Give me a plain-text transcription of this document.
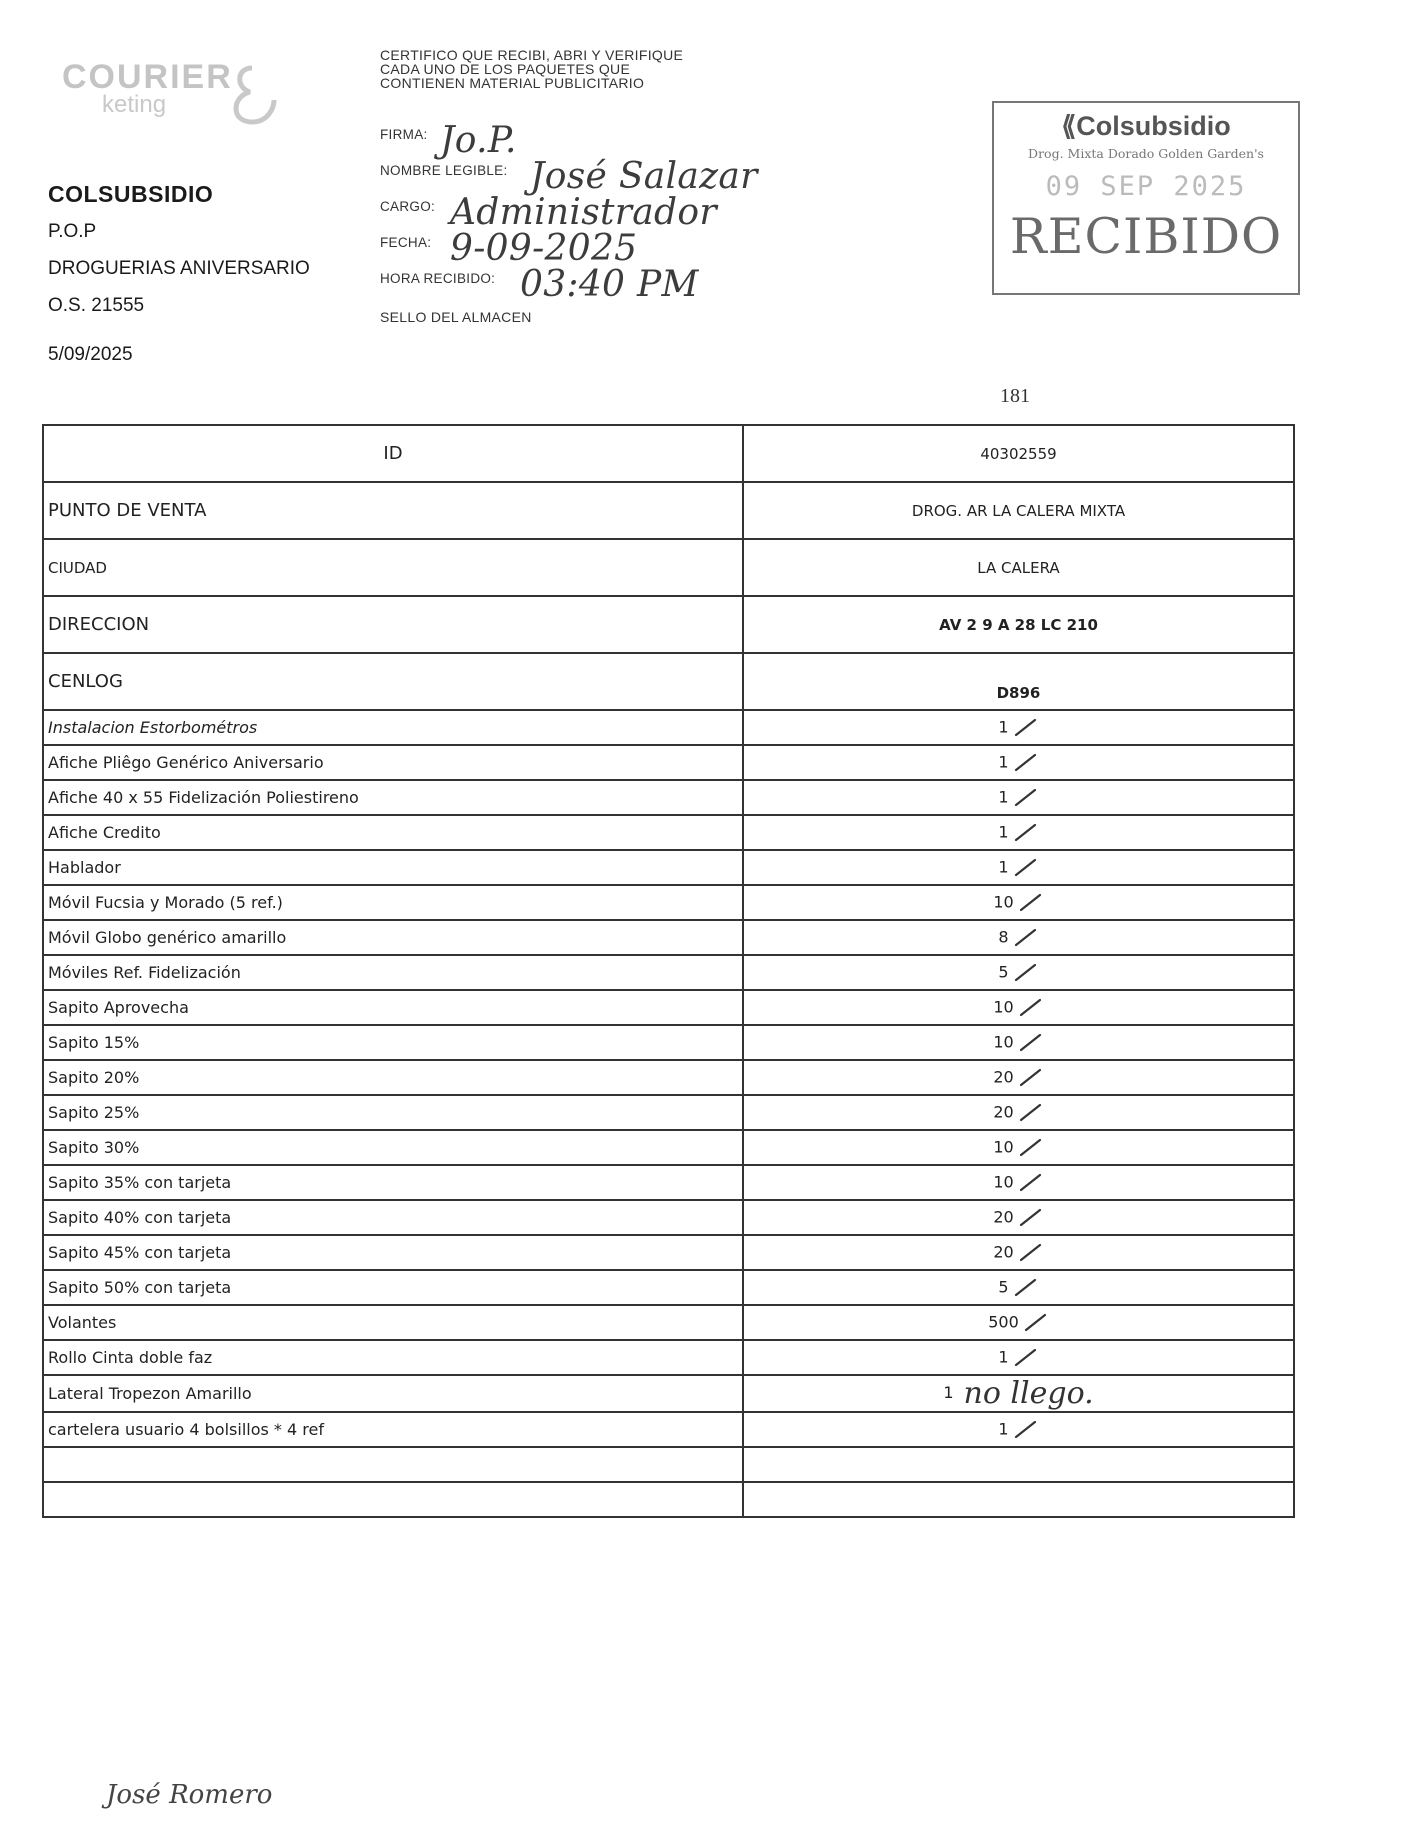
COURIER
keting
COLSUBSIDIO
P.O.P
DROGUERIAS ANIVERSARIO
O.S. 21555
5/09/2025
CERTIFICO QUE RECIBI, ABRI Y VERIFIQUE
CADA UNO DE LOS PAQUETES QUE
CONTIENEN MATERIAL PUBLICITARIO
FIRMA: Jo.P.
NOMBRE LEGIBLE: José Salazar
CARGO: Administrador
FECHA: 9-09-2025
HORA RECIBIDO: 03:40 PM
SELLO DEL ALMACEN
⟪Colsubsidio
Drog. Mixta Dorado Golden Garden's
09 SEP 2025
RECIBIDO
181
ID	40302559
PUNTO DE VENTA	DROG. AR LA CALERA MIXTA
CIUDAD	LA CALERA
DIRECCION	AV 2 9 A 28 LC 210
CENLOG	D896

Instalacion Estorbométros	1
Afiche Pliêgo Genérico Aniversario	1
Afiche 40 x 55 Fidelización Poliestireno	1
Afiche Credito	1
Hablador	1
Móvil Fucsia y Morado (5 ref.)	10
Móvil Globo genérico amarillo	8
Móviles Ref. Fidelización	5
Sapito Aprovecha	10
Sapito 15%	10
Sapito 20%	20
Sapito 25%	20
Sapito 30%	10
Sapito 35% con tarjeta	10
Sapito 40% con tarjeta	20
Sapito 45% con tarjeta	20
Sapito 50% con tarjeta	5
Volantes	500
Rollo Cinta doble faz	1
Lateral Tropezon Amarillo	1 no llego.
cartelera usuario 4 bolsillos * 4 ref	1

José Romero
